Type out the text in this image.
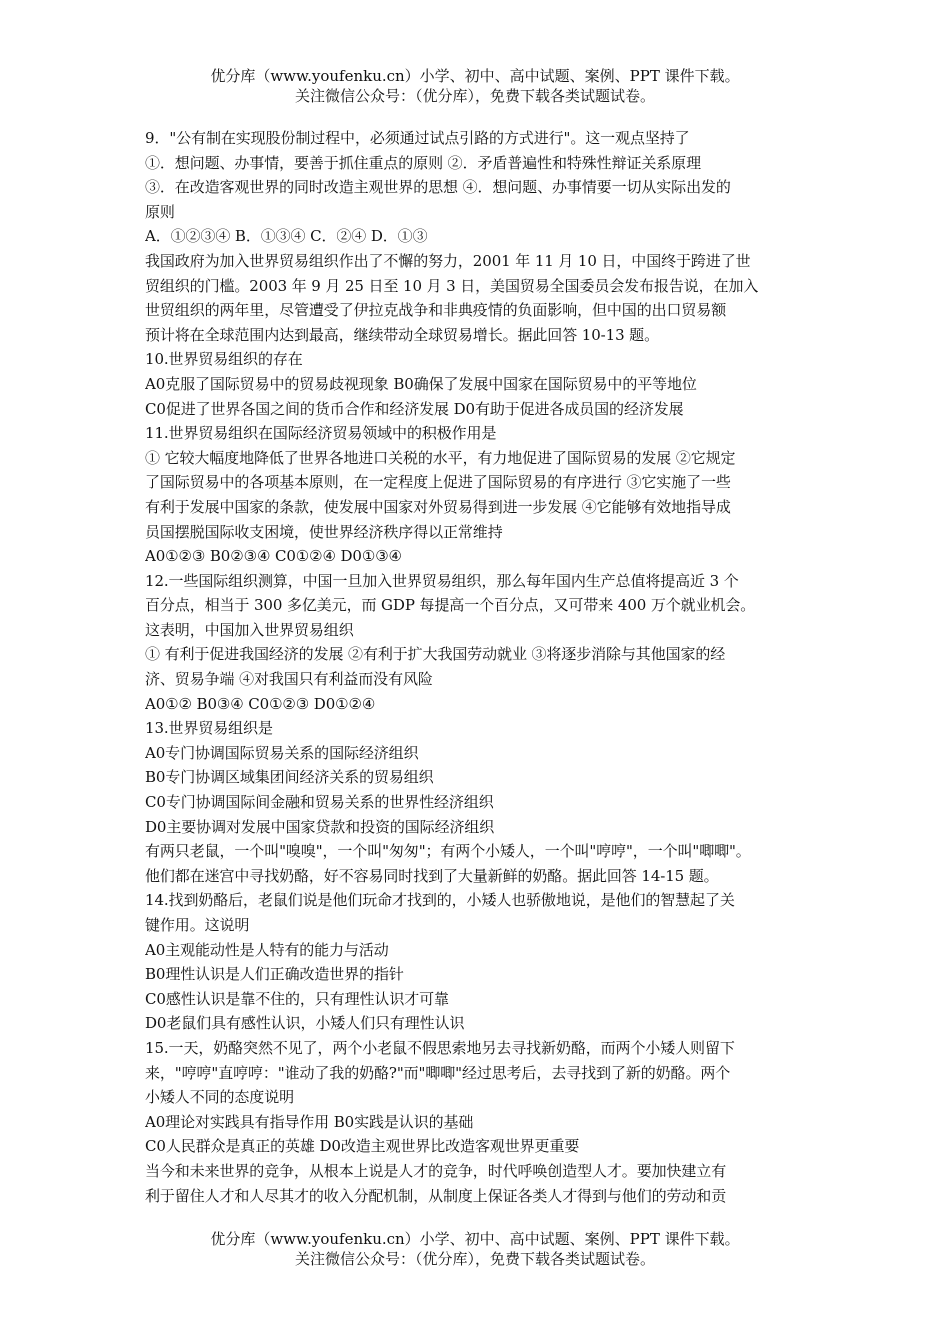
优分库（www.youfenku.cn）小学、初中、高中试题、案例、PPT 课件下载。
关注微信公众号：（优分库），免费下载各类试题试卷。
9．"公有制在实现股份制过程中，必须通过试点引路的方式进行"。这一观点坚持了
①．想问题、办事情，要善于抓住重点的原则 ②．矛盾普遍性和特殊性辩证关系原理
③．在改造客观世界的同时改造主观世界的思想 ④．想问题、办事情要一切从实际出发的
原则
A．①②③④ B．①③④ C．②④ D．①③
我国政府为加入世界贸易组织作出了不懈的努力，2001 年 11 月 10 日，中国终于跨进了世
贸组织的门槛。2003 年 9 月 25 日至 10 月 3 日，美国贸易全国委员会发布报告说，在加入
世贸组织的两年里，尽管遭受了伊拉克战争和非典疫情的负面影响，但中国的出口贸易额
预计将在全球范围内达到最高，继续带动全球贸易增长。据此回答 10-13 题。
10.世界贸易组织的存在
A0克服了国际贸易中的贸易歧视现象 B0确保了发展中国家在国际贸易中的平等地位
C0促进了世界各国之间的货币合作和经济发展 D0有助于促进各成员国的经济发展
11.世界贸易组织在国际经济贸易领域中的积极作用是
① 它较大幅度地降低了世界各地进口关税的水平，有力地促进了国际贸易的发展 ②它规定
了国际贸易中的各项基本原则，在一定程度上促进了国际贸易的有序进行 ③它实施了一些
有利于发展中国家的条款，使发展中国家对外贸易得到进一步发展 ④它能够有效地指导成
员国摆脱国际收支困境，使世界经济秩序得以正常维持
A0①②③ B0②③④ C0①②④ D0①③④
12.一些国际组织测算，中国一旦加入世界贸易组织，那么每年国内生产总值将提高近 3 个
百分点，相当于 300 多亿美元，而 GDP 每提高一个百分点，又可带来 400 万个就业机会。
这表明，中国加入世界贸易组织
① 有利于促进我国经济的发展 ②有利于扩大我国劳动就业 ③将逐步消除与其他国家的经
济、贸易争端 ④对我国只有利益而没有风险
A0①② B0③④ C0①②③ D0①②④
13.世界贸易组织是
A0专门协调国际贸易关系的国际经济组织
B0专门协调区域集团间经济关系的贸易组织
C0专门协调国际间金融和贸易关系的世界性经济组织
D0主要协调对发展中国家贷款和投资的国际经济组织
有两只老鼠，一个叫"嗅嗅"，一个叫"匆匆"；有两个小矮人，一个叫"哼哼"，一个叫"唧唧"。
他们都在迷宫中寻找奶酪，好不容易同时找到了大量新鲜的奶酪。据此回答 14-15 题。
14.找到奶酪后，老鼠们说是他们玩命才找到的，小矮人也骄傲地说，是他们的智慧起了关
键作用。这说明
A0主观能动性是人特有的能力与活动
B0理性认识是人们正确改造世界的指针
C0感性认识是靠不住的，只有理性认识才可靠
D0老鼠们具有感性认识，小矮人们只有理性认识
15.一天，奶酪突然不见了，两个小老鼠不假思索地另去寻找新奶酪，而两个小矮人则留下
来，"哼哼"直哼哼："谁动了我的奶酪?"而"唧唧"经过思考后，去寻找到了新的奶酪。两个
小矮人不同的态度说明
A0理论对实践具有指导作用 B0实践是认识的基础
C0人民群众是真正的英雄 D0改造主观世界比改造客观世界更重要
当今和未来世界的竞争，从根本上说是人才的竞争，时代呼唤创造型人才。要加快建立有
利于留住人才和人尽其才的收入分配机制，从制度上保证各类人才得到与他们的劳动和贡
优分库（www.youfenku.cn）小学、初中、高中试题、案例、PPT 课件下载。
关注微信公众号：（优分库），免费下载各类试题试卷。
